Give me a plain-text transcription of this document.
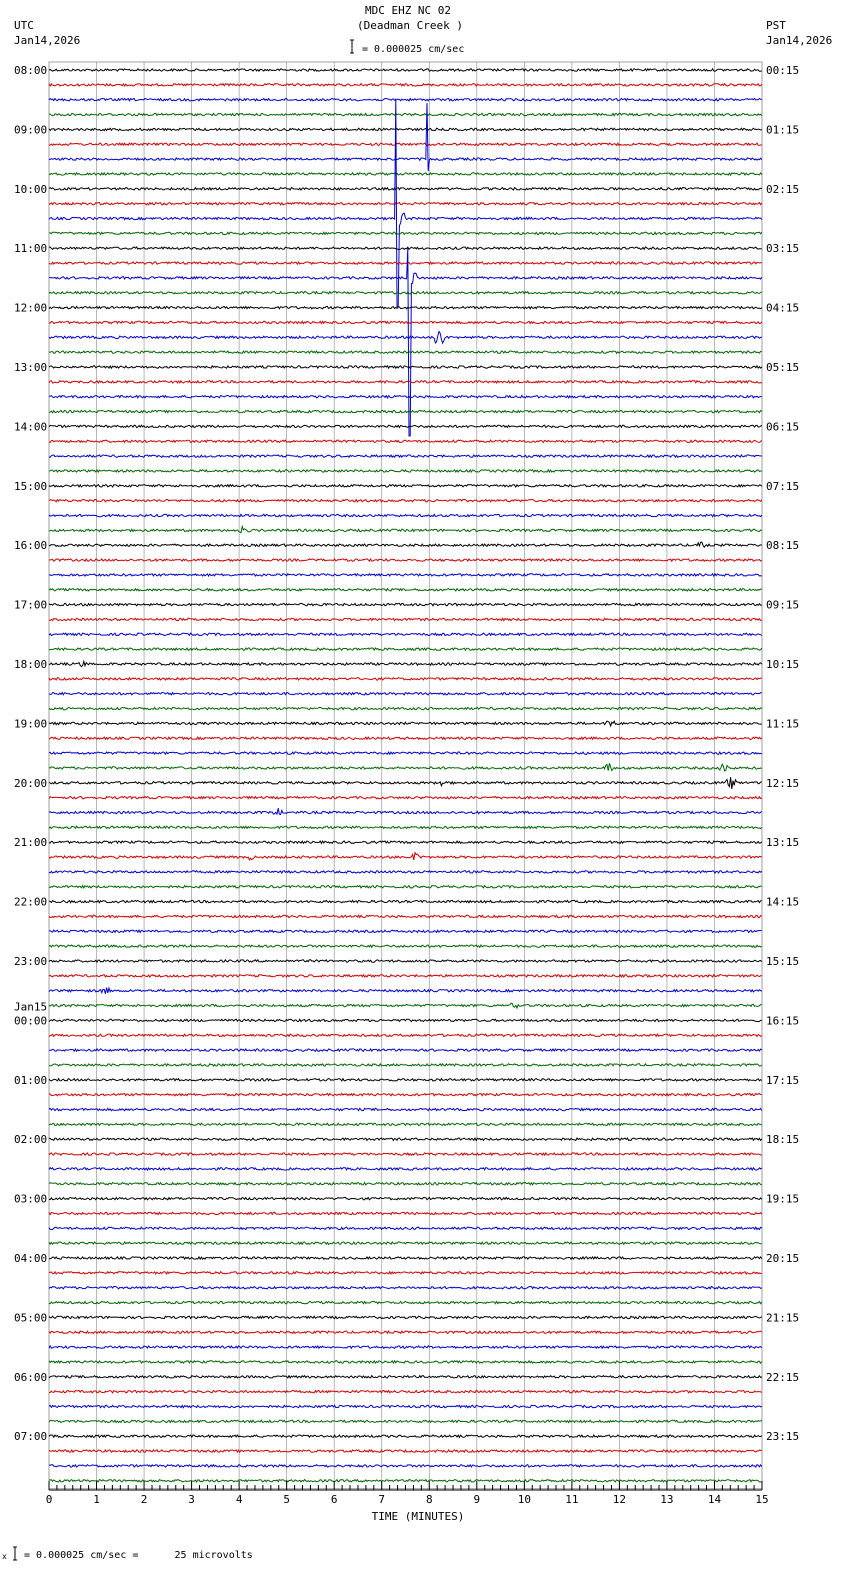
MDC EHZ NC 02
(Deadman Creek )
= 0.000025 cm/sec
UTC
Jan14,2026
PST
Jan14,2026
08:00
09:00
10:00
11:00
12:00
13:00
14:00
15:00
16:00
17:00
18:00
19:00
20:00
21:00
22:00
23:00
00:00
Jan15
01:00
02:00
03:00
04:00
05:00
06:00
07:00
00:15
01:15
02:15
03:15
04:15
05:15
06:15
07:15
08:15
09:15
10:15
11:15
12:15
13:15
14:15
15:15
16:15
17:15
18:15
19:15
20:15
21:15
22:15
23:15
0	1	2	3	4	5	6	7	8	9	10	11	12	13	14	15
TIME (MINUTES)
x = 0.000025 cm/sec =      25 microvolts
